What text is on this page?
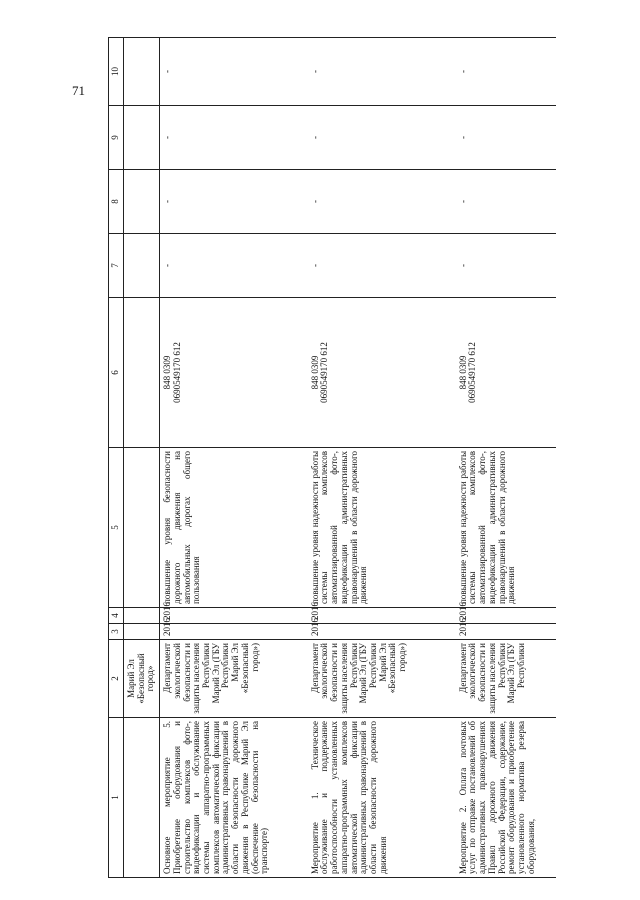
71
1	2	3	4	5	6	7	8	9	10
	Марий Эл «Безопасный город»								
Основное мероприятие 5. Приобретение оборудования и строительство комплексов фото-, видеофиксации и обслуживание системы аппаратно-программных комплексов автоматической фиксации административных правонарушений в области безопасности дорожного движения в Республике Марий Эл (обеспечение безопасности на транспорте)	Департамент экологической безопасности и защиты населения Республики Марий Эл (ГБУ Республики Марий Эл «Безопасный город»)	2016	2016	повышение уровня безопасности дорожного движения на автомобильных дорогах общего пользования	848 0309 0690549170 612	-	-	-	-
Мероприятие 1. Техническое обслуживание и поддержание работоспособности установленных аппаратно-программных комплексов автоматической фиксации административных правонарушений в области безопасности дорожного движения	Департамент экологической безопасности и защиты населения Республики Марий Эл (ГБУ Республики Марий Эл «Безопасный город»)	2016	2016	повышение уровня надежности работы системы комплексов автоматизированной фото-, видеофиксации административных правонарушений в области дорожного движения	848 0309 0690549170 612	-	-	-	-
Мероприятие 2. Оплата почтовых услуг по отправке постановлений об административных правонарушениях Правил дорожного движения Российской Федерации, содержание, ремонт оборудования и приобретение установленного норматива резерва оборудования,	Департамент экологической безопасности и защиты населения Республики Марий Эл (ГБУ Республики	2016	2016	повышение уровня надежности работы системы комплексов автоматизированной фото-, видеофиксации административных правонарушений в области дорожного движения	848 0309 0690549170 612	-	-	-	-
